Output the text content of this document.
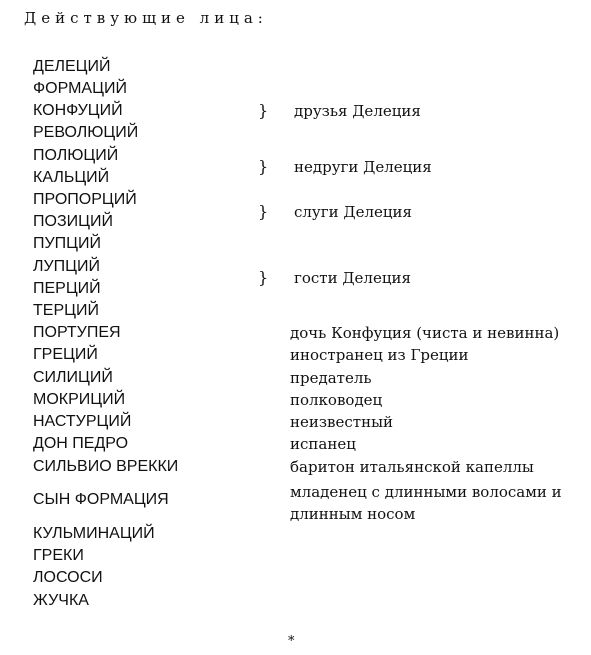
Действующие лица:
ДЕЛЕЦИЙ
ФОРМАЦИЙ
КОНФУЦИЙ
РЕВОЛЮЦИЙ
ПОЛЮЦИЙ
КАЛЬЦИЙ
ПРОПОРЦИЙ
ПОЗИЦИЙ
ПУПЦИЙ
ЛУПЦИЙ
ПЕРЦИЙ
ТЕРЦИЙ
ПОРТУПЕЯ
ГРЕЦИЙ
СИЛИЦИЙ
МОКРИЦИЙ
НАСТУРЦИЙ
ДОН ПЕДРО
СИЛЬВИО ВРЕККИ
СЫН ФОРМАЦИЯ
КУЛЬМИНАЦИЙ
ГРЕКИ
ЛОСОСИ
ЖУЧКА
} друзья Делеция
} недруги Делеция
} слуги Делеция
} гости Делеция
дочь Конфуция (чиста и невинна)
иностранец из Греции
предатель
полководец
неизвестный
испанец
баритон итальянской капеллы
младенец с длинными волосами и длинным носом
*
